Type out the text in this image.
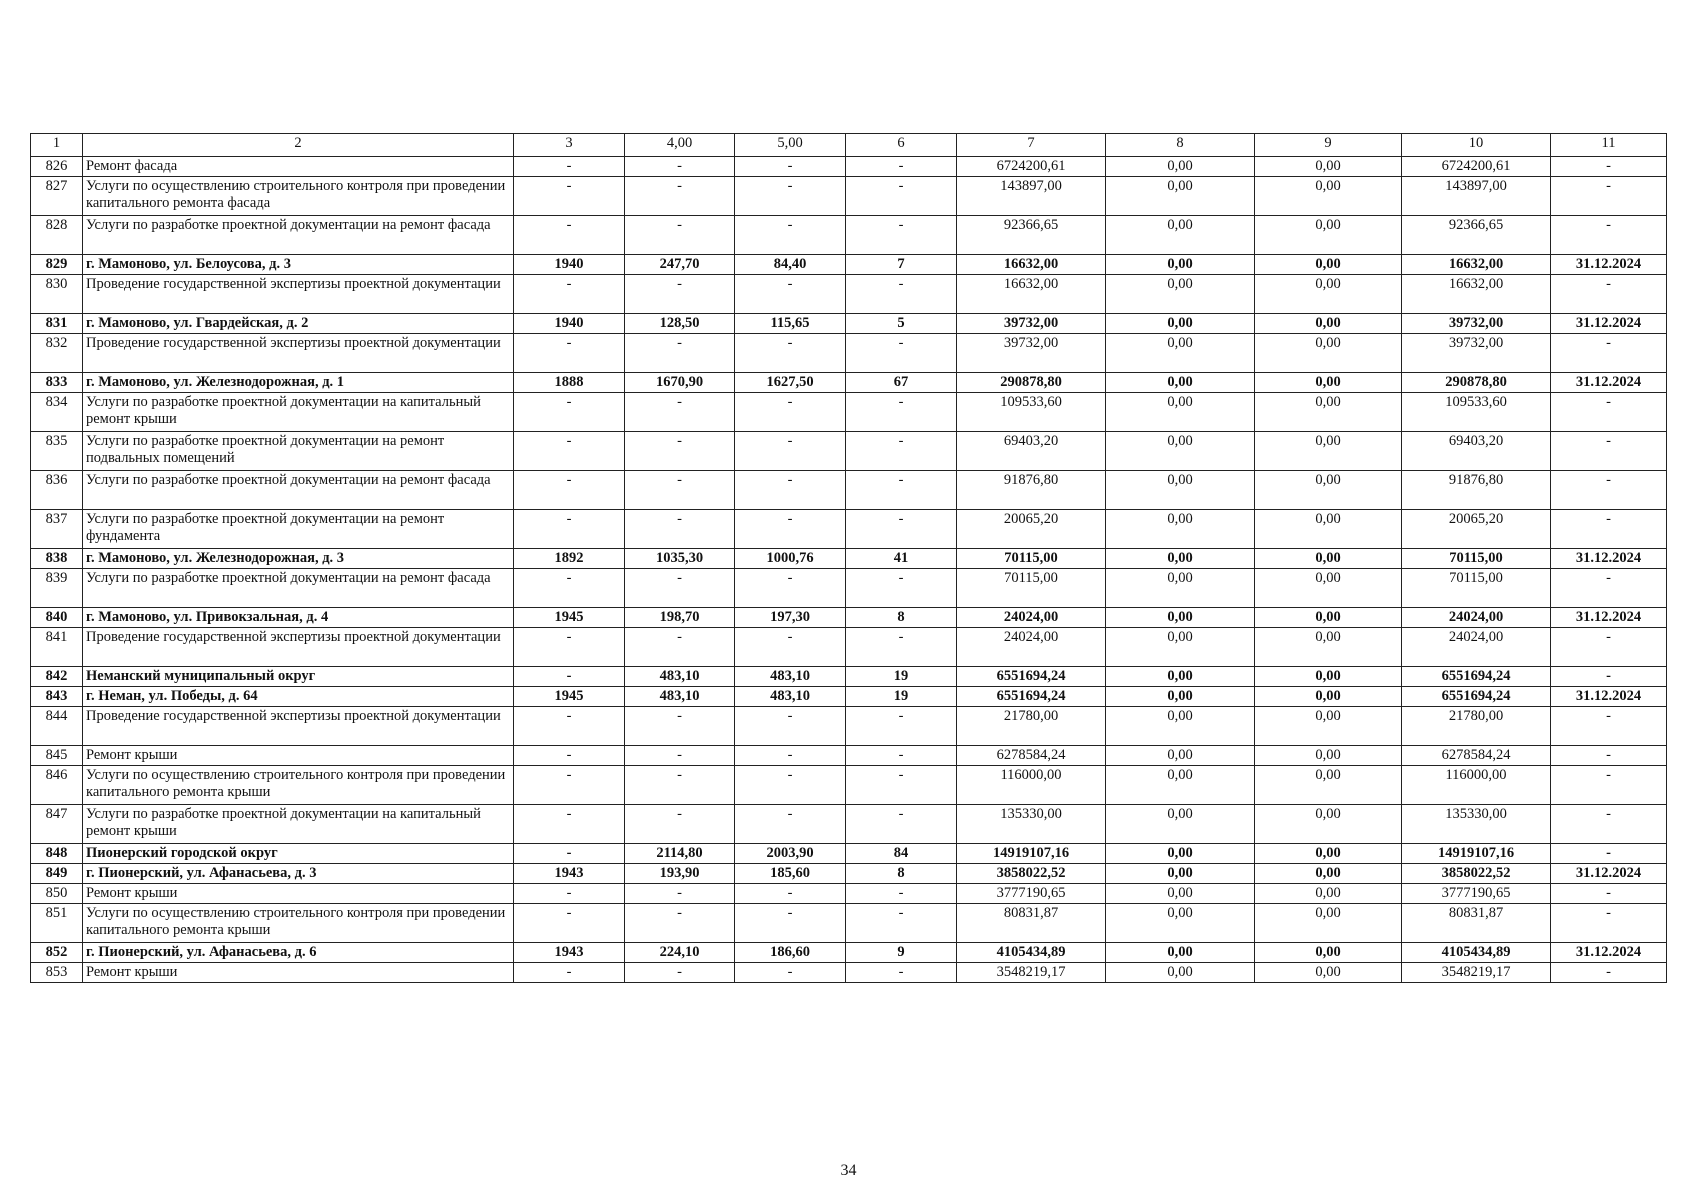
1	2	3	4,00	5,00	6	7	8	9	10	11
826	Ремонт фасада	-	-	-	-	6724200,61	0,00	0,00	6724200,61	-
827	Услуги по осуществлению строительного контроля при проведении капитального ремонта фасада	-	-	-	-	143897,00	0,00	0,00	143897,00	-
828	Услуги по разработке проектной документации на ремонт фасада	-	-	-	-	92366,65	0,00	0,00	92366,65	-
829	г. Мамоново, ул. Белоусова, д. 3	1940	247,70	84,40	7	16632,00	0,00	0,00	16632,00	31.12.2024
830	Проведение государственной экспертизы проектной документации	-	-	-	-	16632,00	0,00	0,00	16632,00	-
831	г. Мамоново, ул. Гвардейская, д. 2	1940	128,50	115,65	5	39732,00	0,00	0,00	39732,00	31.12.2024
832	Проведение государственной экспертизы проектной документации	-	-	-	-	39732,00	0,00	0,00	39732,00	-
833	г. Мамоново, ул. Железнодорожная, д. 1	1888	1670,90	1627,50	67	290878,80	0,00	0,00	290878,80	31.12.2024
834	Услуги по разработке проектной документации на капитальный ремонт крыши	-	-	-	-	109533,60	0,00	0,00	109533,60	-
835	Услуги по разработке проектной документации на ремонт подвальных помещений	-	-	-	-	69403,20	0,00	0,00	69403,20	-
836	Услуги по разработке проектной документации на ремонт фасада	-	-	-	-	91876,80	0,00	0,00	91876,80	-
837	Услуги по разработке проектной документации на ремонт фундамента	-	-	-	-	20065,20	0,00	0,00	20065,20	-
838	г. Мамоново, ул. Железнодорожная, д. 3	1892	1035,30	1000,76	41	70115,00	0,00	0,00	70115,00	31.12.2024
839	Услуги по разработке проектной документации на ремонт фасада	-	-	-	-	70115,00	0,00	0,00	70115,00	-
840	г. Мамоново, ул. Привокзальная, д. 4	1945	198,70	197,30	8	24024,00	0,00	0,00	24024,00	31.12.2024
841	Проведение государственной экспертизы проектной документации	-	-	-	-	24024,00	0,00	0,00	24024,00	-
842	Неманский муниципальный округ	-	483,10	483,10	19	6551694,24	0,00	0,00	6551694,24	-
843	г. Неман, ул. Победы, д. 64	1945	483,10	483,10	19	6551694,24	0,00	0,00	6551694,24	31.12.2024
844	Проведение государственной экспертизы проектной документации	-	-	-	-	21780,00	0,00	0,00	21780,00	-
845	Ремонт крыши	-	-	-	-	6278584,24	0,00	0,00	6278584,24	-
846	Услуги по осуществлению строительного контроля при проведении капитального ремонта крыши	-	-	-	-	116000,00	0,00	0,00	116000,00	-
847	Услуги по разработке проектной документации на капитальный ремонт крыши	-	-	-	-	135330,00	0,00	0,00	135330,00	-
848	Пионерский городской округ	-	2114,80	2003,90	84	14919107,16	0,00	0,00	14919107,16	-
849	г. Пионерский, ул. Афанасьева, д. 3	1943	193,90	185,60	8	3858022,52	0,00	0,00	3858022,52	31.12.2024
850	Ремонт крыши	-	-	-	-	3777190,65	0,00	0,00	3777190,65	-
851	Услуги по осуществлению строительного контроля при проведении капитального ремонта крыши	-	-	-	-	80831,87	0,00	0,00	80831,87	-
852	г. Пионерский, ул. Афанасьева, д. 6	1943	224,10	186,60	9	4105434,89	0,00	0,00	4105434,89	31.12.2024
853	Ремонт крыши	-	-	-	-	3548219,17	0,00	0,00	3548219,17	-
34
